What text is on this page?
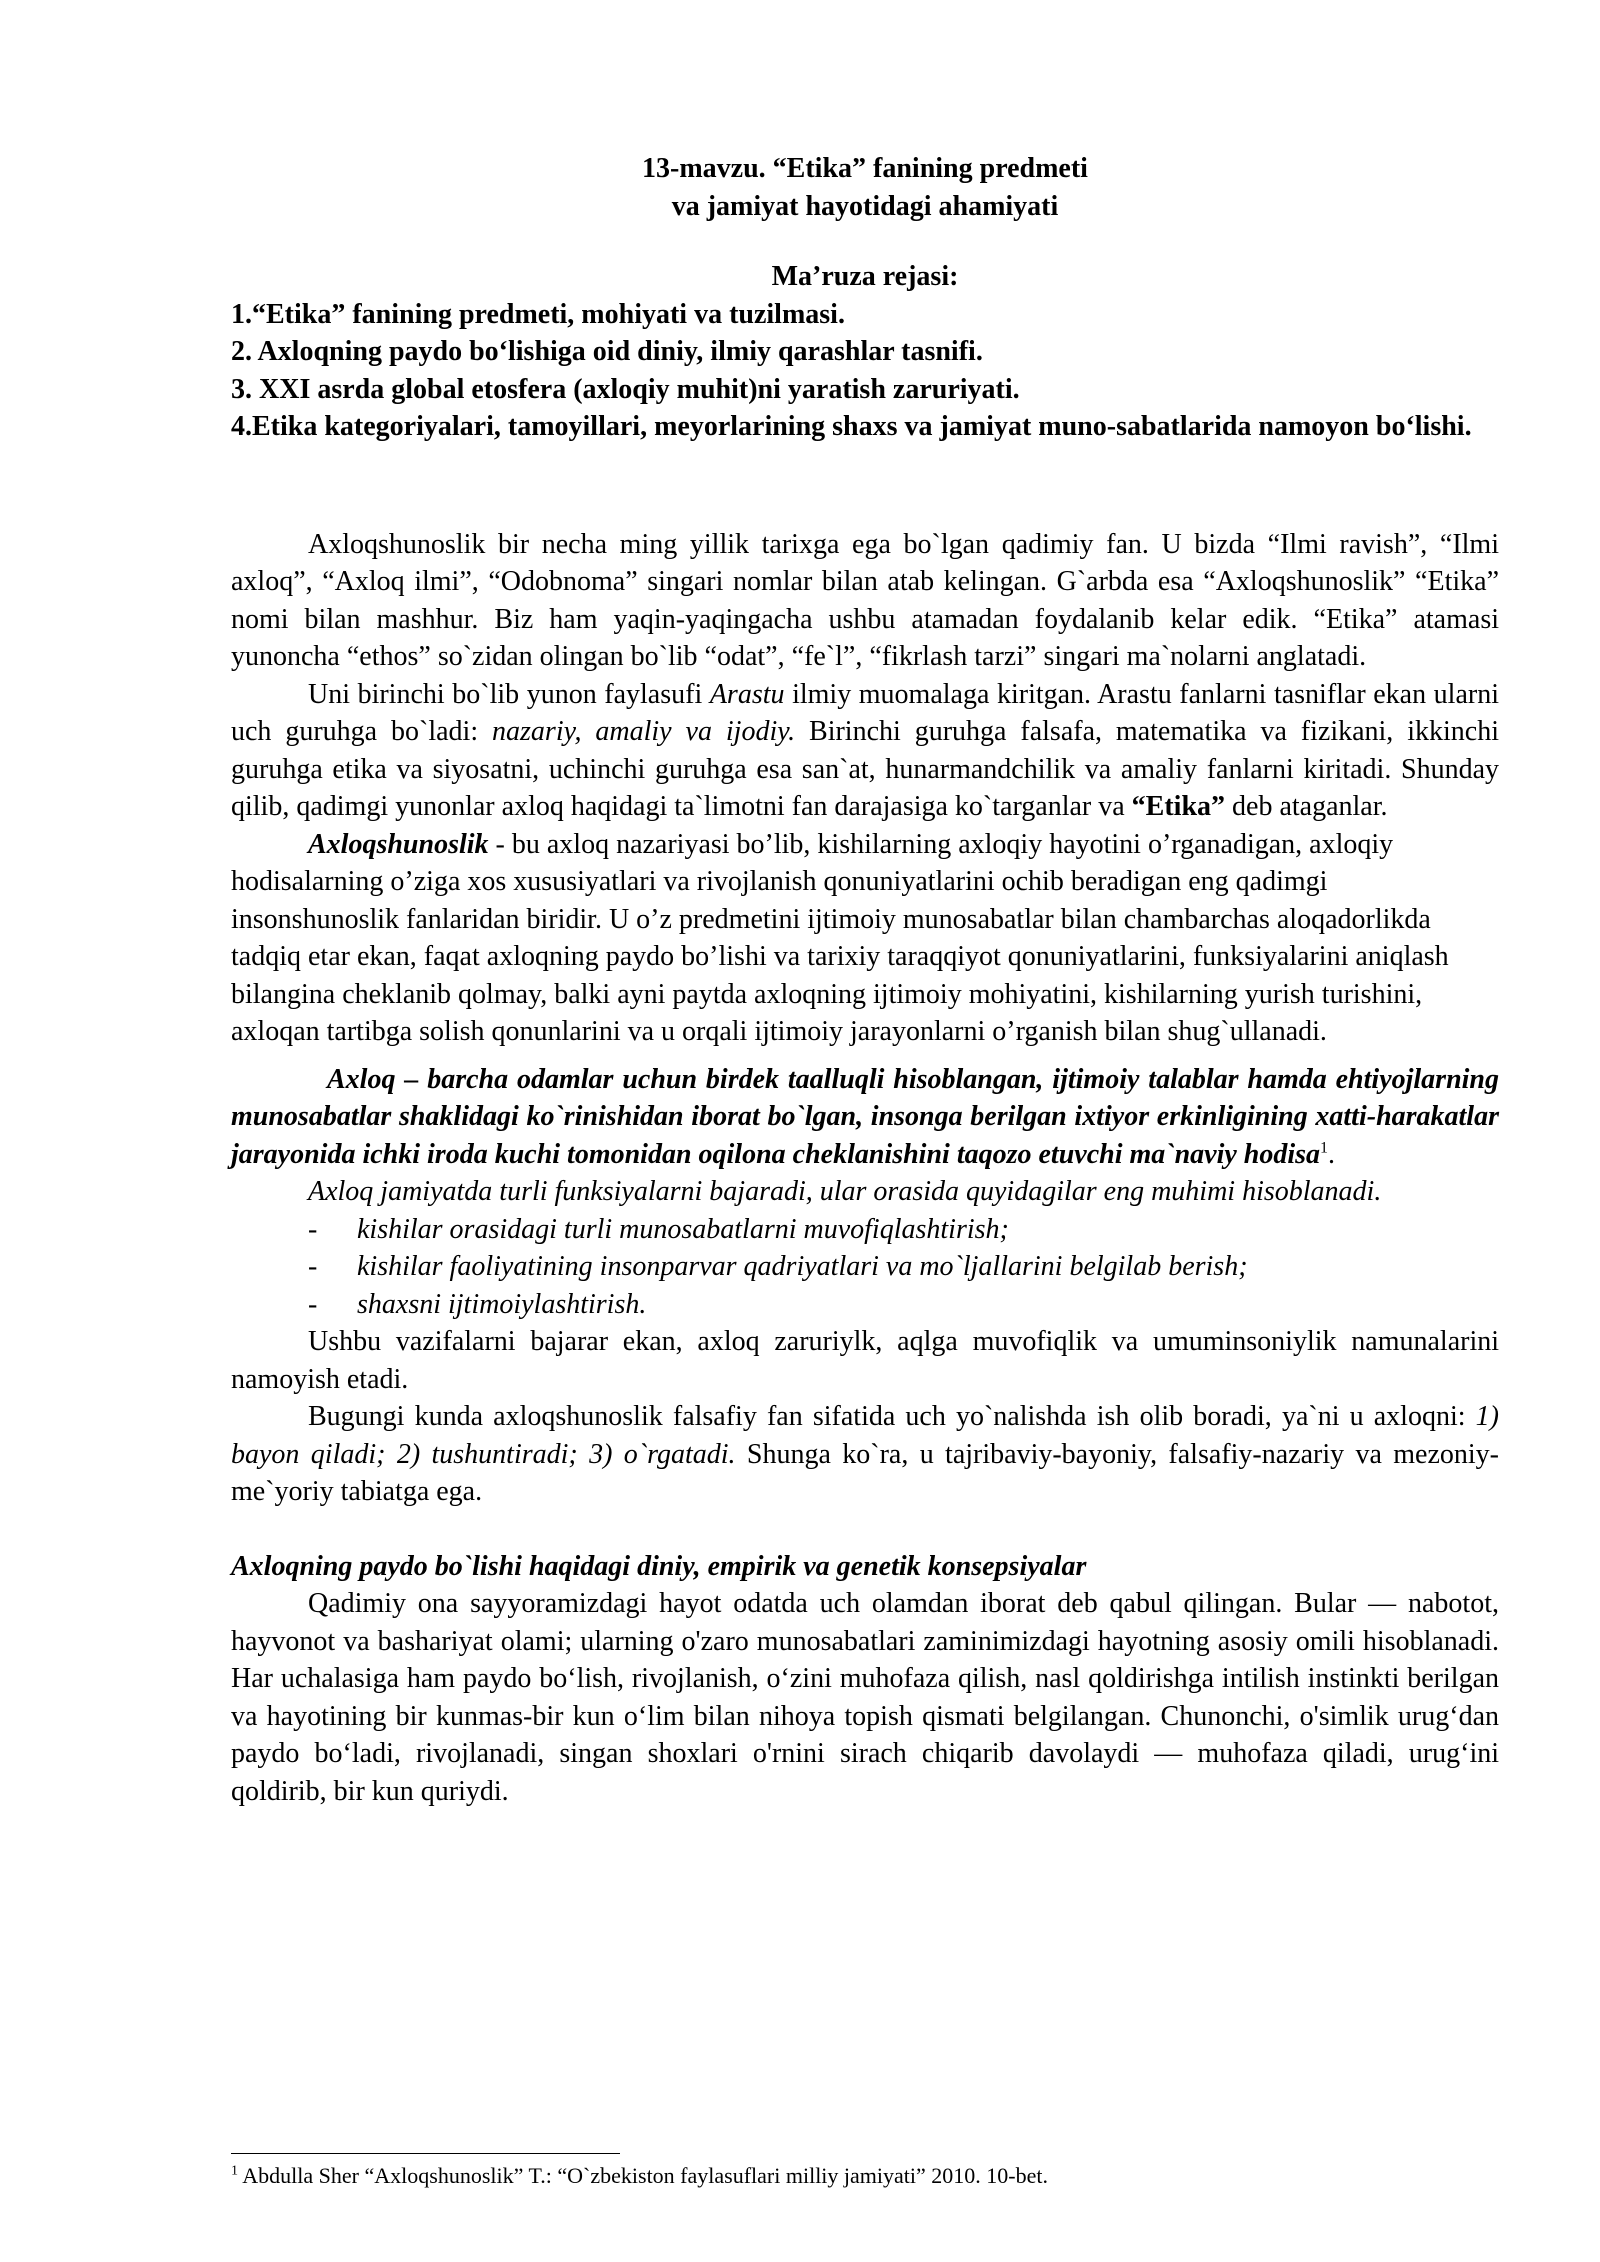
13-mavzu. “Etika” fanining predmeti
va jamiyat hayotidagi ahamiyati
Ma’ruza rejasi:
1.“Etika” fanining predmeti, mohiyati va tuzilmasi.
2. Axloqning paydo bo‘lishiga oid diniy, ilmiy qarashlar tasnifi.
3. XXI asrda global etosfera (axloqiy muhit)ni yaratish zaruriyati.
4.Etika kategoriyalari, tamoyillari, meyorlarining shaxs va jamiyat muno-sabatlarida namoyon bo‘lishi.

Axloqshunoslik bir necha ming yillik tarixga ega bo`lgan qadimiy fan. U bizda “Ilmi ravish”, “Ilmi axloq”, “Axloq ilmi”, “Odobnoma” singari nomlar bilan atab kelingan. G`arbda esa “Axloqshunoslik” “Etika” nomi bilan mashhur. Biz ham yaqin-yaqingacha ushbu atamadan foydalanib kelar edik. “Etika” atamasi yunoncha “ethos” so`zidan olingan bo`lib “odat”, “fe`l”, “fikrlash tarzi” singari ma`nolarni anglatadi.

Uni birinchi bo`lib yunon faylasufi Arastu ilmiy muomalaga kiritgan. Arastu fanlarni tasniflar ekan ularni uch guruhga bo`ladi: nazariy, amaliy va ijodiy. Birinchi guruhga falsafa, matematika va fizikani, ikkinchi guruhga etika va siyosatni, uchinchi guruhga esa san`at, hunarmandchilik va amaliy fanlarni kiritadi. Shunday qilib, qadimgi yunonlar axloq haqidagi ta`limotni fan darajasiga ko`targanlar va “Etika” deb ataganlar.

Axloqshunoslik - bu axloq nazariyasi bo’lib, kishilarning axloqiy hayotini o’rganadigan, axloqiy hodisalarning o’ziga xos xususiyatlari va rivojlanish qonuniyatlarini ochib beradigan eng qadimgi insonshunoslik fanlaridan biridir. U o’z predmetini ijtimoiy munosabatlar bilan chambarchas aloqadorlikda tadqiq etar ekan, faqat axloqning paydo bo’lishi va tarixiy taraqqiyot qonuniyatlarini, funksiyalarini aniqlash bilangina cheklanib qolmay, balki ayni paytda axloqning ijtimoiy mohiyatini, kishilarning yurish turishini, axloqan tartibga solish qonunlarini va u orqali ijtimoiy jarayonlarni o’rganish bilan shug`ullanadi.

Axloq – barcha odamlar uchun birdek taalluqli hisoblangan, ijtimoiy talablar hamda ehtiyojlarning munosabatlar shaklidagi ko`rinishidan iborat bo`lgan, insonga berilgan ixtiyor erkinligining xatti-harakatlar jarayonida ichki iroda kuchi tomonidan oqilona cheklanishini taqozo etuvchi ma`naviy hodisa$^1$.

Axloq jamiyatda turli funksiyalarni bajaradi, ular orasida quyidagilar eng muhimi hisoblanadi.

-	kishilar orasidagi turli munosabatlarni muvofiqlashtirish;
-	kishilar faoliyatining insonparvar qadriyatlari va mo`ljallarini belgilab berish;
-	shaxsni ijtimoiylashtirish.

Ushbu vazifalarni bajarar ekan, axloq zaruriylk, aqlga muvofiqlik va umuminsoniylik namunalarini namoyish etadi.

Bugungi kunda axloqshunoslik falsafiy fan sifatida uch yo`nalishda ish olib boradi, ya`ni u axloqni: 1) bayon qiladi; 2) tushuntiradi; 3) o`rgatadi. Shunga ko`ra, u tajribaviy-bayoniy, falsafiy-nazariy va mezoniy-me`yoriy tabiatga ega.

Axloqning paydo bo`lishi haqidagi diniy, empirik va genetik konsepsiyalar

Qadimiy ona sayyoramizdagi hayot odatda uch olamdan iborat deb qabul qilingan. Bular — nabotot, hayvonot va bashariyat olami; ularning o'zaro munosabatlari zaminimizdagi hayotning asosiy omili hisoblanadi. Har uchalasiga ham paydo bo‘lish, rivojlanish, o‘zini muhofaza qilish, nasl qoldirishga intilish instinkti berilgan va hayotining bir kunmas-bir kun o‘lim bilan nihoya topish qismati belgilangan. Chunonchi, o'simlik urug‘dan paydo bo‘ladi, rivojlanadi, singan shoxlari o'rnini sirach chiqarib davolaydi — muhofaza qiladi, urug‘ini qoldirib, bir kun quriydi.

$^1$ Abdulla Sher “Axloqshunoslik” T.: “O`zbekiston faylasuflari milliy jamiyati” 2010. 10-bet.
